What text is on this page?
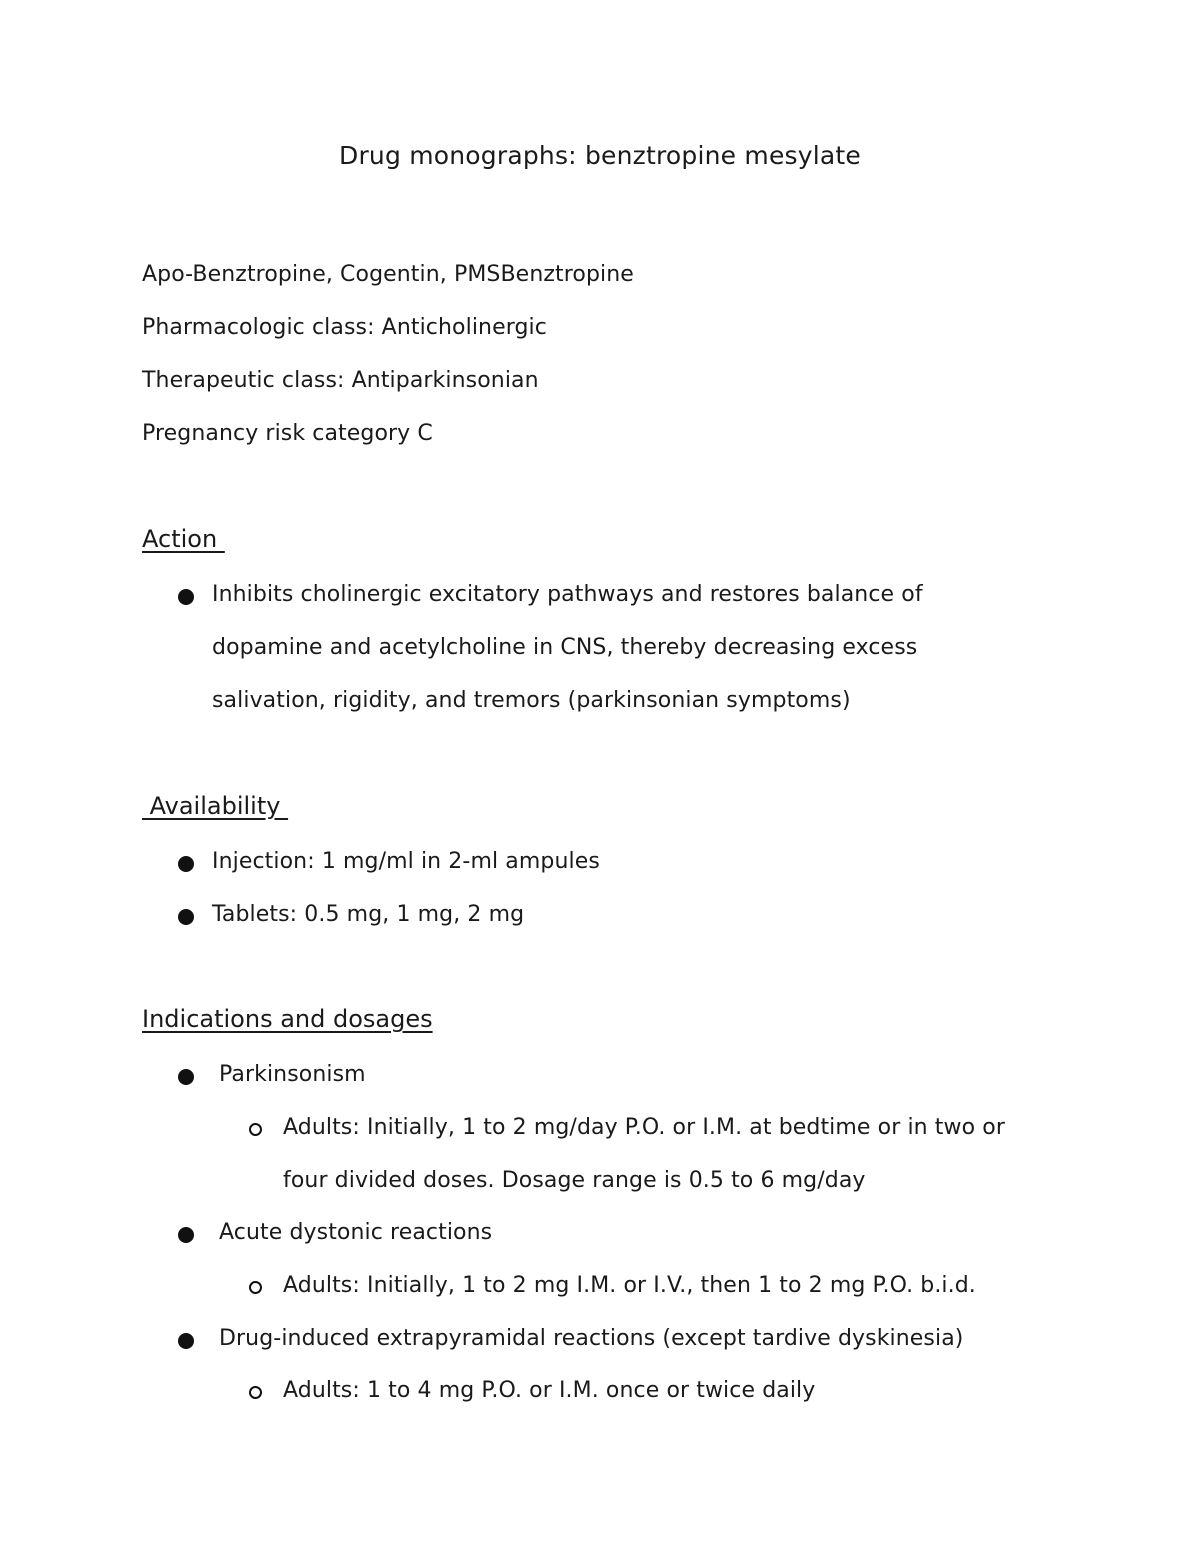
Drug monographs: benztropine mesylate
Apo-Benztropine, Cogentin, PMSBenztropine
Pharmacologic class: Anticholinergic
Therapeutic class: Antiparkinsonian
Pregnancy risk category C
Action
Inhibits cholinergic excitatory pathways and restores balance of
dopamine and acetylcholine in CNS, thereby decreasing excess
salivation, rigidity, and tremors (parkinsonian symptoms)
Availability
Injection: 1 mg/ml in 2-ml ampules
Tablets: 0.5 mg, 1 mg, 2 mg
Indications and dosages
Parkinsonism
Adults: Initially, 1 to 2 mg/day P.O. or I.M. at bedtime or in two or
four divided doses. Dosage range is 0.5 to 6 mg/day
Acute dystonic reactions
Adults: Initially, 1 to 2 mg I.M. or I.V., then 1 to 2 mg P.O. b.i.d.
Drug-induced extrapyramidal reactions (except tardive dyskinesia)
Adults: 1 to 4 mg P.O. or I.M. once or twice daily
